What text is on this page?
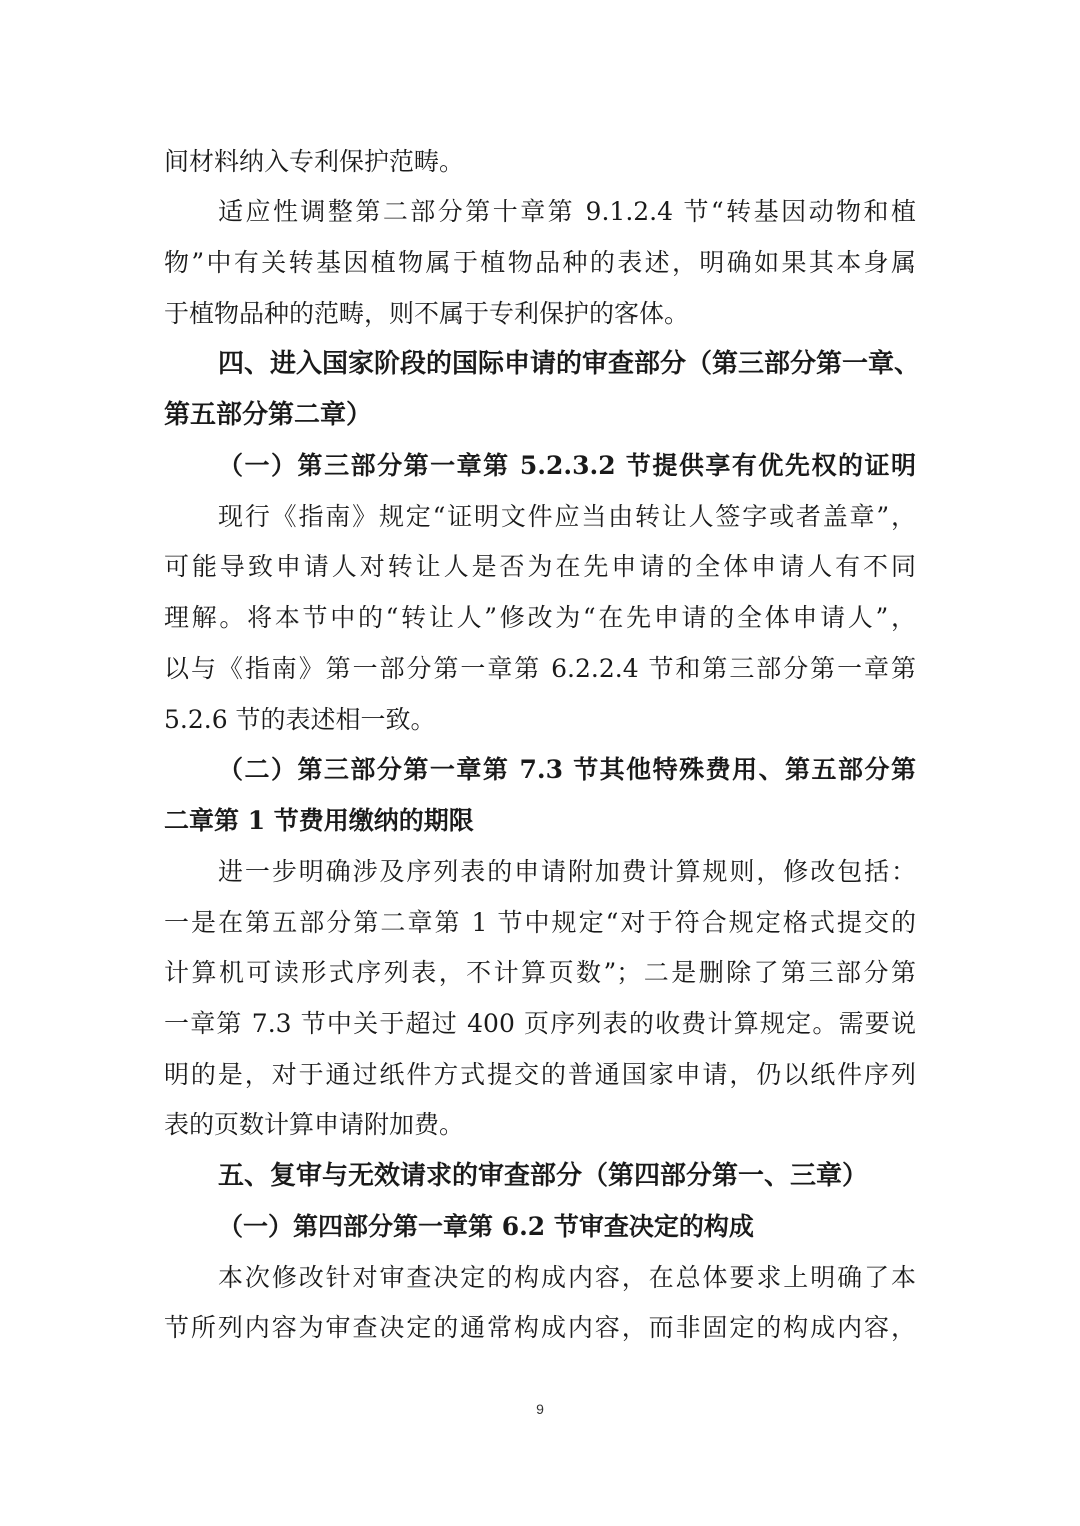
间材料纳入专利保护范畴。

适应性调整第二部分第十章第 9.1.2.4 节“转基因动物和植

物”中有关转基因植物属于植物品种的表述，明确如果其本身属

于植物品种的范畴，则不属于专利保护的客体。

四、进入国家阶段的国际申请的审查部分（第三部分第一章、

第五部分第二章）

（一）第三部分第一章第 5.2.3.2 节提供享有优先权的证明

现行《指南》规定“证明文件应当由转让人签字或者盖章”，

可能导致申请人对转让人是否为在先申请的全体申请人有不同

理解。将本节中的“转让人”修改为“在先申请的全体申请人”，

以与《指南》第一部分第一章第 6.2.2.4 节和第三部分第一章第

5.2.6 节的表述相一致。

（二）第三部分第一章第 7.3 节其他特殊费用、第五部分第

二章第 1 节费用缴纳的期限

进一步明确涉及序列表的申请附加费计算规则，修改包括：

一是在第五部分第二章第 1 节中规定“对于符合规定格式提交的

计算机可读形式序列表，不计算页数”；二是删除了第三部分第

一章第 7.3 节中关于超过 400 页序列表的收费计算规定。需要说

明的是，对于通过纸件方式提交的普通国家申请，仍以纸件序列

表的页数计算申请附加费。

五、复审与无效请求的审查部分（第四部分第一、三章）

（一）第四部分第一章第 6.2 节审查决定的构成

本次修改针对审查决定的构成内容，在总体要求上明确了本

节所列内容为审查决定的通常构成内容，而非固定的构成内容，

9
